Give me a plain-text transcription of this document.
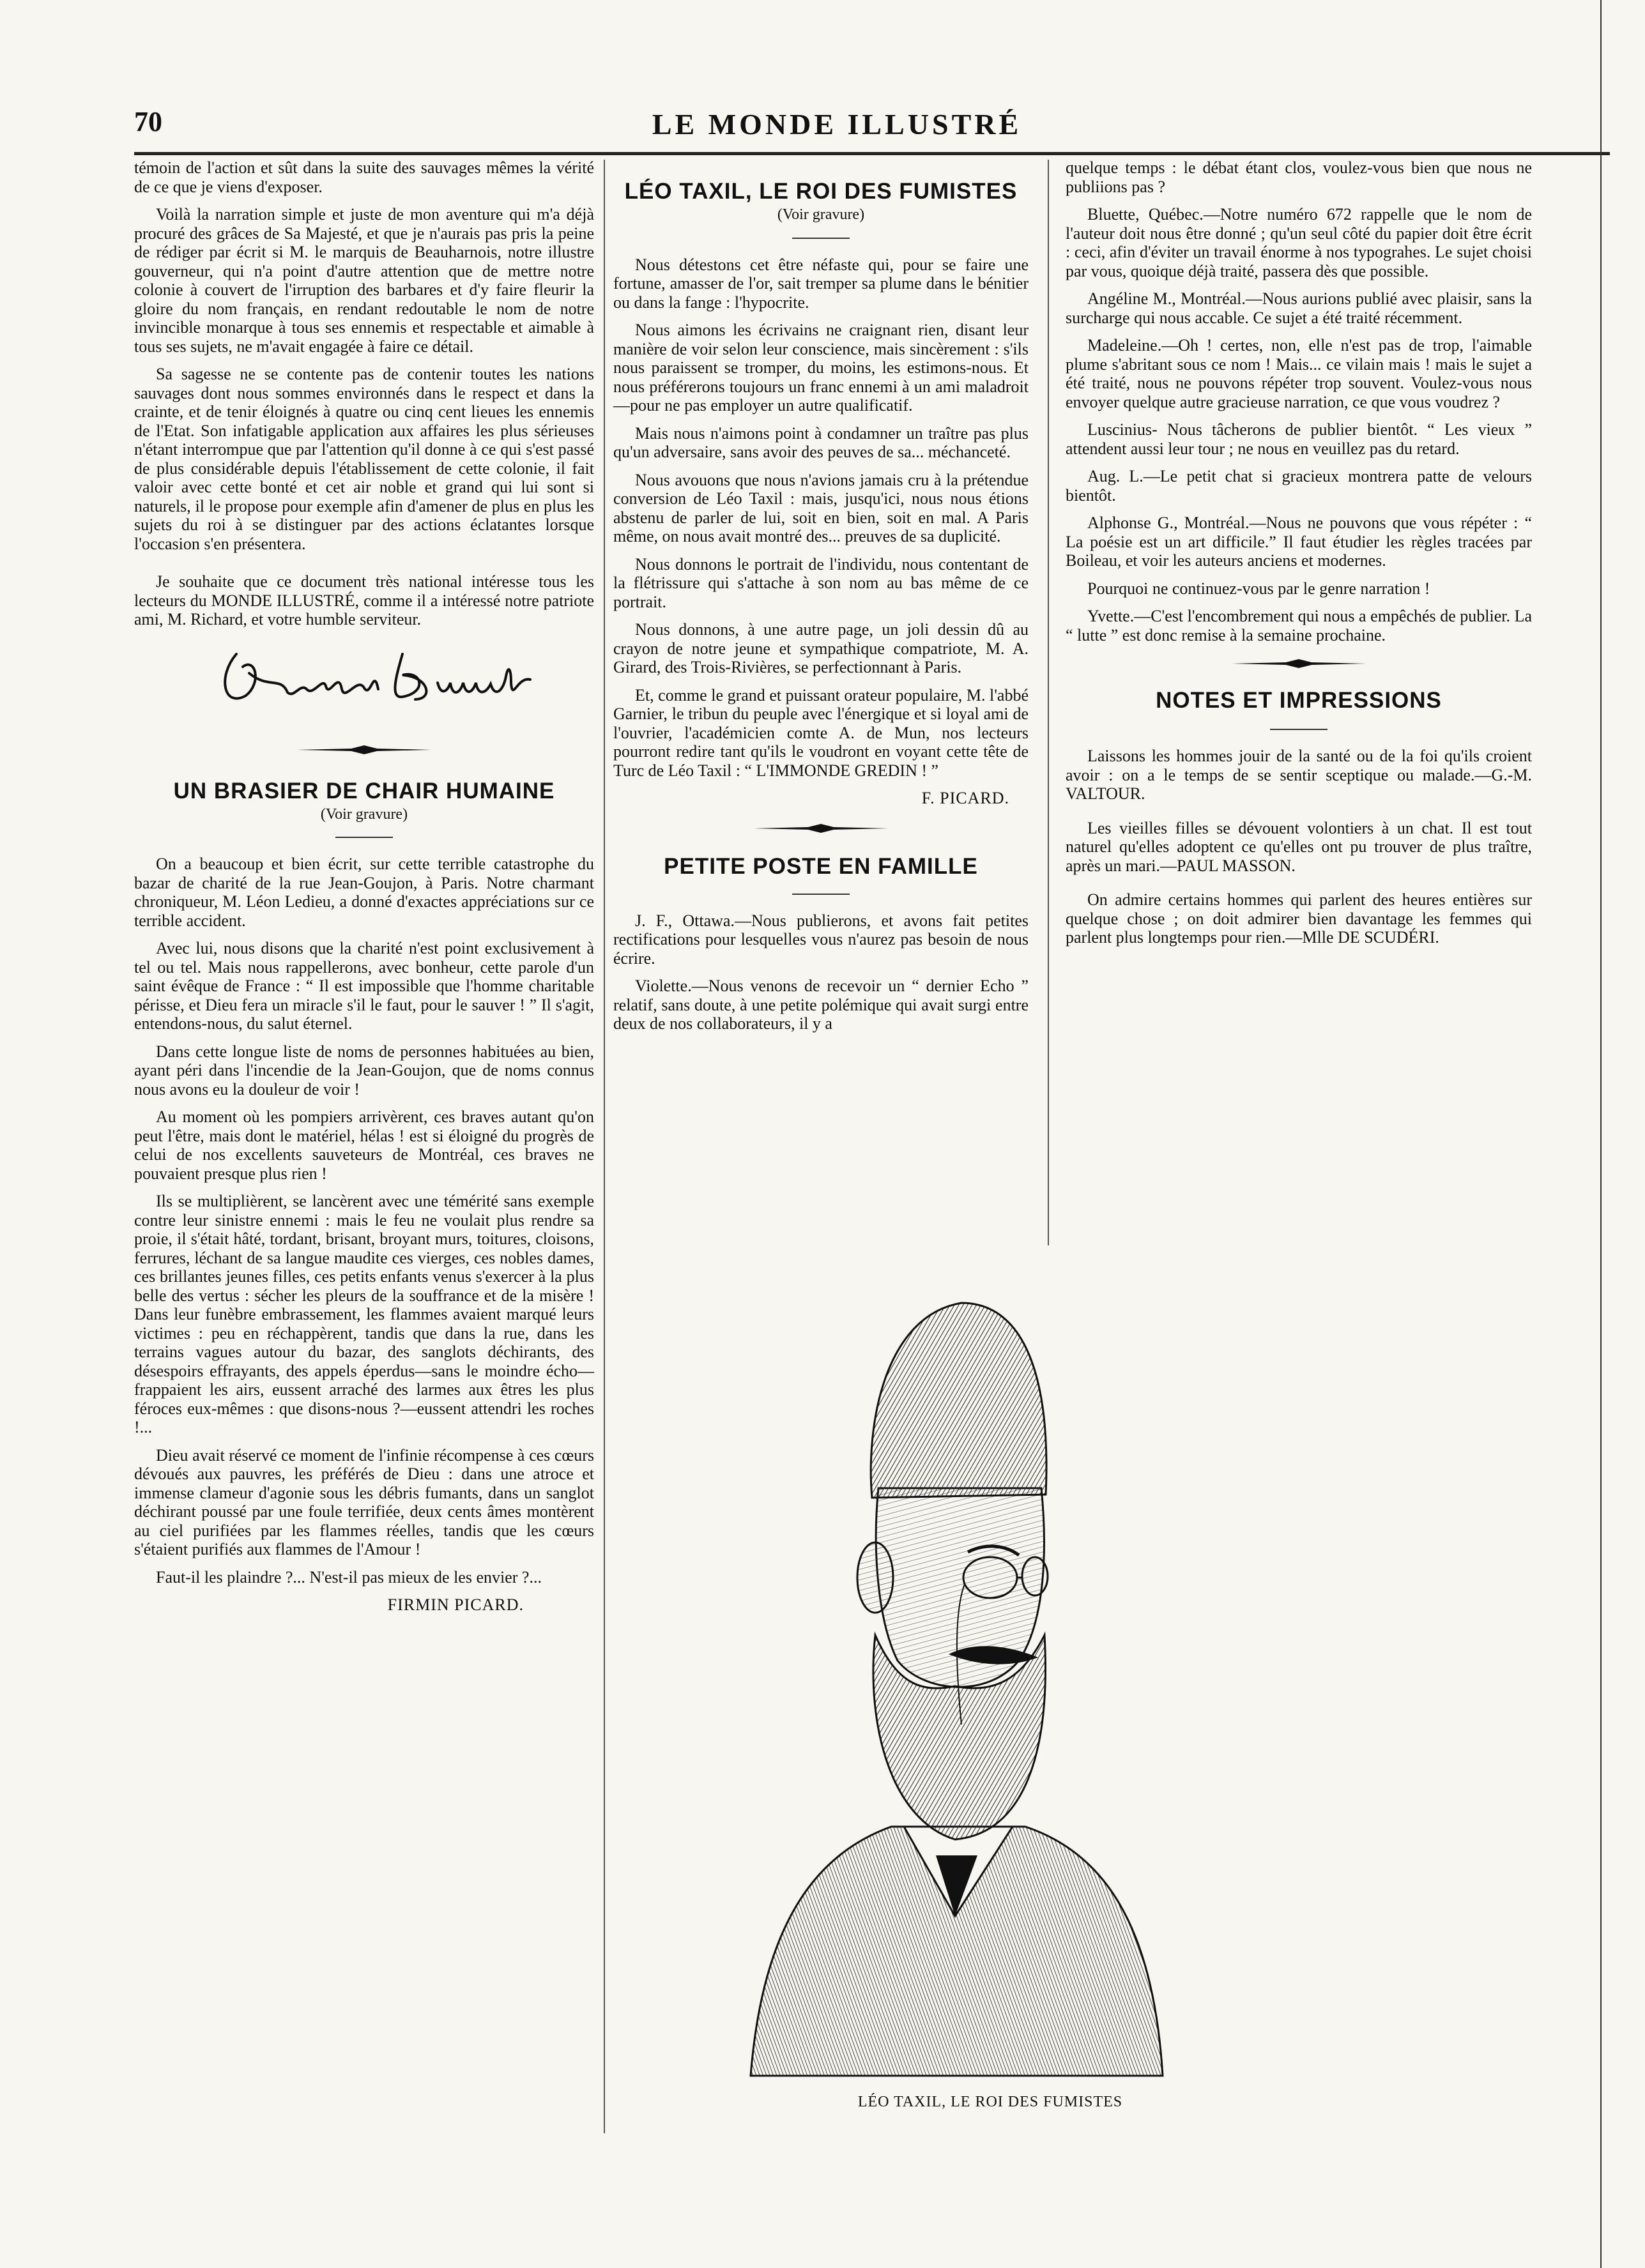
70	LE MONDE ILLUSTRÉ

témoin de l'action et sût dans la suite des sauvages mêmes la vérité de ce que je viens d'exposer.

Voilà la narration simple et juste de mon aventure qui m'a déjà procuré des grâces de Sa Majesté, et que je n'aurais pas pris la peine de rédiger par écrit si M. le marquis de Beauharnois, notre illustre gouverneur, qui n'a point d'autre attention que de mettre notre colonie à couvert de l'irruption des barbares et d'y faire fleurir la gloire du nom français, en rendant redoutable le nom de notre invincible monarque à tous ses ennemis et respectable et aimable à tous ses sujets, ne m'avait engagée à faire ce détail.

Sa sagesse ne se contente pas de contenir toutes les nations sauvages dont nous sommes environnés dans le respect et dans la crainte, et de tenir éloignés à quatre ou cinq cent lieues les ennemis de l'Etat. Son infatigable application aux affaires les plus sérieuses n'étant interrompue que par l'attention qu'il donne à ce qui s'est passé de plus considérable depuis l'établissement de cette colonie, il fait valoir avec cette bonté et cet air noble et grand qui lui sont si naturels, il le propose pour exemple afin d'amener de plus en plus les sujets du roi à se distinguer par des actions éclatantes lorsque l'occasion s'en présentera.

Je souhaite que ce document très national intéresse tous les lecteurs du MONDE ILLUSTRÉ, comme il a intéressé notre patriote ami, M. Richard, et votre humble serviteur.

UN BRASIER DE CHAIR HUMAINE

(Voir gravure)

On a beaucoup et bien écrit, sur cette terrible catastrophe du bazar de charité de la rue Jean-Goujon, à Paris. Notre charmant chroniqueur, M. Léon Ledieu, a donné d'exactes appréciations sur ce terrible accident.

Avec lui, nous disons que la charité n'est point exclusivement à tel ou tel. Mais nous rappellerons, avec bonheur, cette parole d'un saint évêque de France : “ Il est impossible que l'homme charitable périsse, et Dieu fera un miracle s'il le faut, pour le sauver ! ” Il s'agit, entendons-nous, du salut éternel.

Dans cette longue liste de noms de personnes habituées au bien, ayant péri dans l'incendie de la Jean-Goujon, que de noms connus nous avons eu la douleur de voir !

Au moment où les pompiers arrivèrent, ces braves autant qu'on peut l'être, mais dont le matériel, hélas ! est si éloigné du progrès de celui de nos excellents sauveteurs de Montréal, ces braves ne pouvaient presque plus rien !

Ils se multiplièrent, se lancèrent avec une témérité sans exemple contre leur sinistre ennemi : mais le feu ne voulait plus rendre sa proie, il s'était hâté, tordant, brisant, broyant murs, toitures, cloisons, ferrures, léchant de sa langue maudite ces vierges, ces nobles dames, ces brillantes jeunes filles, ces petits enfants venus s'exercer à la plus belle des vertus : sécher les pleurs de la souffrance et de la misère ! Dans leur funèbre embrassement, les flammes avaient marqué leurs victimes : peu en réchappèrent, tandis que dans la rue, dans les terrains vagues autour du bazar, des sanglots déchirants, des désespoirs effrayants, des appels éperdus—sans le moindre écho—frappaient les airs, eussent arraché des larmes aux êtres les plus féroces eux-mêmes : que disons-nous ?—eussent attendri les roches !...

Dieu avait réservé ce moment de l'infinie récompense à ces cœurs dévoués aux pauvres, les préférés de Dieu : dans une atroce et immense clameur d'agonie sous les débris fumants, dans un sanglot déchirant poussé par une foule terrifiée, deux cents âmes montèrent au ciel purifiées par les flammes réelles, tandis que les cœurs s'étaient purifiés aux flammes de l'Amour !

Faut-il les plaindre ?... N'est-il pas mieux de les envier ?...

FIRMIN PICARD.

LÉO TAXIL, LE ROI DES FUMISTES

(Voir gravure)

Nous détestons cet être néfaste qui, pour se faire une fortune, amasser de l'or, sait tremper sa plume dans le bénitier ou dans la fange : l'hypocrite.

Nous aimons les écrivains ne craignant rien, disant leur manière de voir selon leur conscience, mais sincèrement : s'ils nous paraissent se tromper, du moins, les estimons-nous. Et nous préférerons toujours un franc ennemi à un ami maladroit—pour ne pas employer un autre qualificatif.

Mais nous n'aimons point à condamner un traître pas plus qu'un adversaire, sans avoir des peuves de sa... méchanceté.

Nous avouons que nous n'avions jamais cru à la prétendue conversion de Léo Taxil : mais, jusqu'ici, nous nous étions abstenu de parler de lui, soit en bien, soit en mal. A Paris même, on nous avait montré des... preuves de sa duplicité.

Nous donnons le portrait de l'individu, nous contentant de la flétrissure qui s'attache à son nom au bas même de ce portrait.

Nous donnons, à une autre page, un joli dessin dû au crayon de notre jeune et sympathique compatriote, M. A. Girard, des Trois-Rivières, se perfectionnant à Paris.

Et, comme le grand et puissant orateur populaire, M. l'abbé Garnier, le tribun du peuple avec l'énergique et si loyal ami de l'ouvrier, l'académicien comte A. de Mun, nos lecteurs pourront redire tant qu'ils le voudront en voyant cette tête de Turc de Léo Taxil : “ L'IMMONDE GREDIN ! ”

F. PICARD.

PETITE POSTE EN FAMILLE

J. F., Ottawa.—Nous publierons, et avons fait petites rectifications pour lesquelles vous n'aurez pas besoin de nous écrire.

Violette.—Nous venons de recevoir un “ dernier Echo ” relatif, sans doute, à une petite polémique qui avait surgi entre deux de nos collaborateurs, il y a

quelque temps : le débat étant clos, voulez-vous bien que nous ne publiions pas ?

Bluette, Québec.—Notre numéro 672 rappelle que le nom de l'auteur doit nous être donné ; qu'un seul côté du papier doit être écrit : ceci, afin d'éviter un travail énorme à nos typograhes. Le sujet choisi par vous, quoique déjà traité, passera dès que possible.

Angéline M., Montréal.—Nous aurions publié avec plaisir, sans la surcharge qui nous accable. Ce sujet a été traité récemment.

Madeleine.—Oh ! certes, non, elle n'est pas de trop, l'aimable plume s'abritant sous ce nom ! Mais... ce vilain mais ! mais le sujet a été traité, nous ne pouvons répéter trop souvent. Voulez-vous nous envoyer quelque autre gracieuse narration, ce que vous voudrez ?

Luscinius- Nous tâcherons de publier bientôt. “ Les vieux ” attendent aussi leur tour ; ne nous en veuillez pas du retard.

Aug. L.—Le petit chat si gracieux montrera patte de velours bientôt.

Alphonse G., Montréal.—Nous ne pouvons que vous répéter : “ La poésie est un art difficile.” Il faut étudier les règles tracées par Boileau, et voir les auteurs anciens et modernes.

Pourquoi ne continuez-vous par le genre narration !

Yvette.—C'est l'encombrement qui nous a empêchés de publier. La “ lutte ” est donc remise à la semaine prochaine.

NOTES ET IMPRESSIONS

Laissons les hommes jouir de la santé ou de la foi qu'ils croient avoir : on a le temps de se sentir sceptique ou malade.—G.-M. VALTOUR.

Les vieilles filles se dévouent volontiers à un chat. Il est tout naturel qu'elles adoptent ce qu'elles ont pu trouver de plus traître, après un mari.—PAUL MASSON.

On admire certains hommes qui parlent des heures entières sur quelque chose ; on doit admirer bien davantage les femmes qui parlent plus longtemps pour rien.—Mlle DE SCUDÉRI.

LÉO TAXIL, LE ROI DES FUMISTES
